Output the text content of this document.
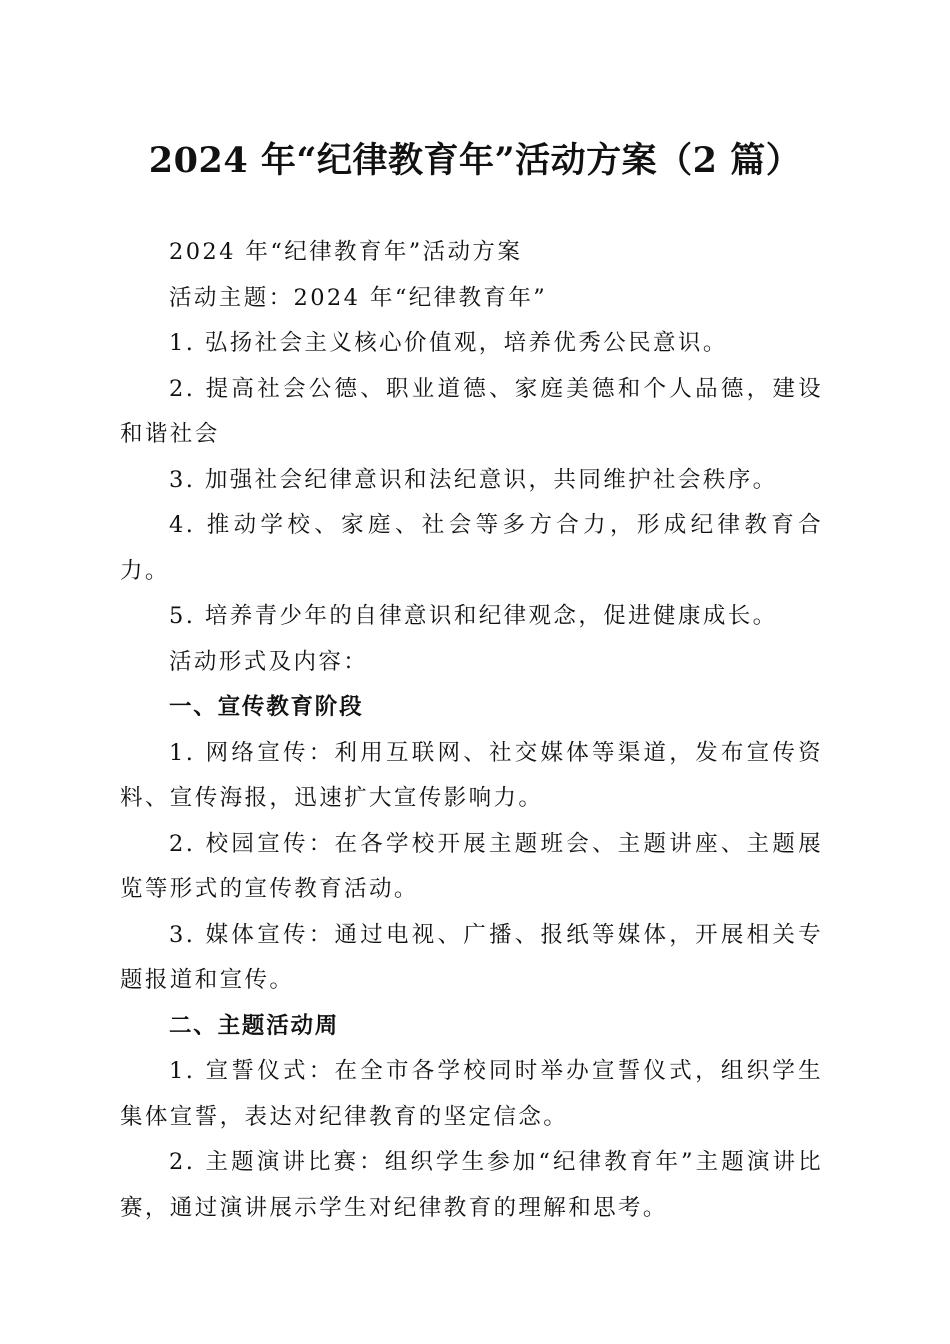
2024 年“纪律教育年”活动方案（2 篇）

2024 年“纪律教育年”活动方案

活动主题：2024 年“纪律教育年”

1. 弘扬社会主义核心价值观，培养优秀公民意识。

2. 提高社会公德、职业道德、家庭美德和个人品德，建设和谐社会

3. 加强社会纪律意识和法纪意识，共同维护社会秩序。

4. 推动学校、家庭、社会等多方合力，形成纪律教育合力。

5. 培养青少年的自律意识和纪律观念，促进健康成长。

活动形式及内容：

一、宣传教育阶段

1. 网络宣传：利用互联网、社交媒体等渠道，发布宣传资料、宣传海报，迅速扩大宣传影响力。

2. 校园宣传：在各学校开展主题班会、主题讲座、主题展览等形式的宣传教育活动。

3. 媒体宣传：通过电视、广播、报纸等媒体，开展相关专题报道和宣传。

二、主题活动周

1. 宣誓仪式：在全市各学校同时举办宣誓仪式，组织学生集体宣誓，表达对纪律教育的坚定信念。

2. 主题演讲比赛：组织学生参加“纪律教育年”主题演讲比赛，通过演讲展示学生对纪律教育的理解和思考。
